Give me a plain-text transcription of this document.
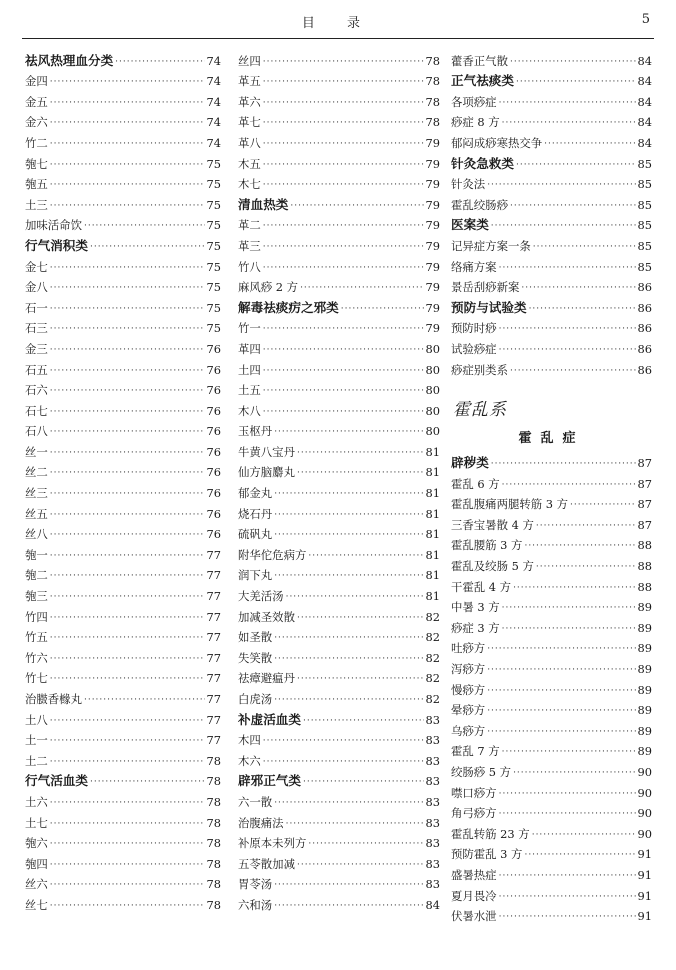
目 录	5
祛风热理血分类 ·····	74
金四 ·····	74
金五 ·····	74
金六 ·····	74
竹二 ·····	74
匏七 ·····	75
匏五 ·····	75
土三 ·····	75
加味活命饮 ·····	75
行气消积类 ·····	75
金七 ·····	75
金八 ·····	75
石一 ·····	75
石三 ·····	75
金三 ·····	76
石五 ·····	76
石六 ·····	76
石七 ·····	76
石八 ·····	76
丝一 ·····	76
丝二 ·····	76
丝三 ·····	76
丝五 ·····	76
丝八 ·····	76
匏一 ·····	77
匏二 ·····	77
匏三 ·····	77
竹四 ·····	77
竹五 ·····	77
竹六 ·····	77
竹七 ·····	77
治臌香橼丸 ·····	77
土八 ·····	77
土一 ·····	77
土二 ·····	78
行气活血类 ·····	78
土六 ·····	78
土七 ·····	78
匏六 ·····	78
匏四 ·····	78
丝六 ·····	78
丝七 ·····	78
丝四 ·····	78
革五 ·····	78
革六 ·····	78
革七 ·····	78
革八 ·····	79
木五 ·····	79
木七 ·····	79
清血热类 ·····	79
革二 ·····	79
革三 ·····	79
竹八 ·····	79
麻风痧 2 方 ·····	79
解毒祛痰疠之邪类 ·····	79
竹一 ·····	79
革四 ·····	80
土四 ·····	80
土五 ·····	80
木八 ·····	80
玉枢丹 ·····	80
牛黄八宝丹 ·····	81
仙方脑麝丸 ·····	81
郁金丸 ·····	81
烧石丹 ·····	81
硫矾丸 ·····	81
附华佗危病方 ·····	81
润下丸 ·····	81
大羌活汤 ·····	81
加减圣效散 ·····	82
如圣散 ·····	82
失笑散 ·····	82
祛瘴避瘟丹 ·····	82
白虎汤 ·····	82
补虚活血类 ·····	83
木四 ·····	83
木六 ·····	83
辟邪正气类 ·····	83
六一散 ·····	83
治腹痛法 ·····	83
补原本未列方 ·····	83
五苓散加减 ·····	83
胃苓汤 ·····	83
六和汤 ·····	84
藿香正气散 ·····	84
正气祛痰类 ·····	84
各项痧症 ·····	84
痧症 8 方 ·····	84
郁闷成痧寒热交争 ·····	84
针灸急救类 ·····	85
针灸法 ·····	85
霍乱绞肠痧 ·····	85
医案类 ·····	85
记异症方案一条 ·····	85
络痛方案 ·····	85
景岳刮痧新案 ·····	86
预防与试验类 ·····	86
预防时痧 ·····	86
试验痧症 ·····	86
痧症别类系 ·····	86
霍乱系
霍乱症
辟秽类 ·····	87
霍乱 6 方 ·····	87
霍乱腹痛两腿转筋 3 方 ·····	87
三香宝暑散 4 方 ·····	87
霍乱腰筋 3 方 ·····	88
霍乱及绞肠 5 方 ·····	88
干霍乱 4 方 ·····	88
中暑 3 方 ·····	89
痧症 3 方 ·····	89
吐痧方 ·····	89
泻痧方 ·····	89
慢痧方 ·····	89
晕痧方 ·····	89
乌痧方 ·····	89
霍乱 7 方 ·····	89
绞肠痧 5 方 ·····	90
噤口痧方 ·····	90
角弓痧方 ·····	90
霍乱转筋 23 方 ·····	90
预防霍乱 3 方 ·····	91
盛暑热症 ·····	91
夏月畏冷 ·····	91
伏暑水泄 ·····	91
